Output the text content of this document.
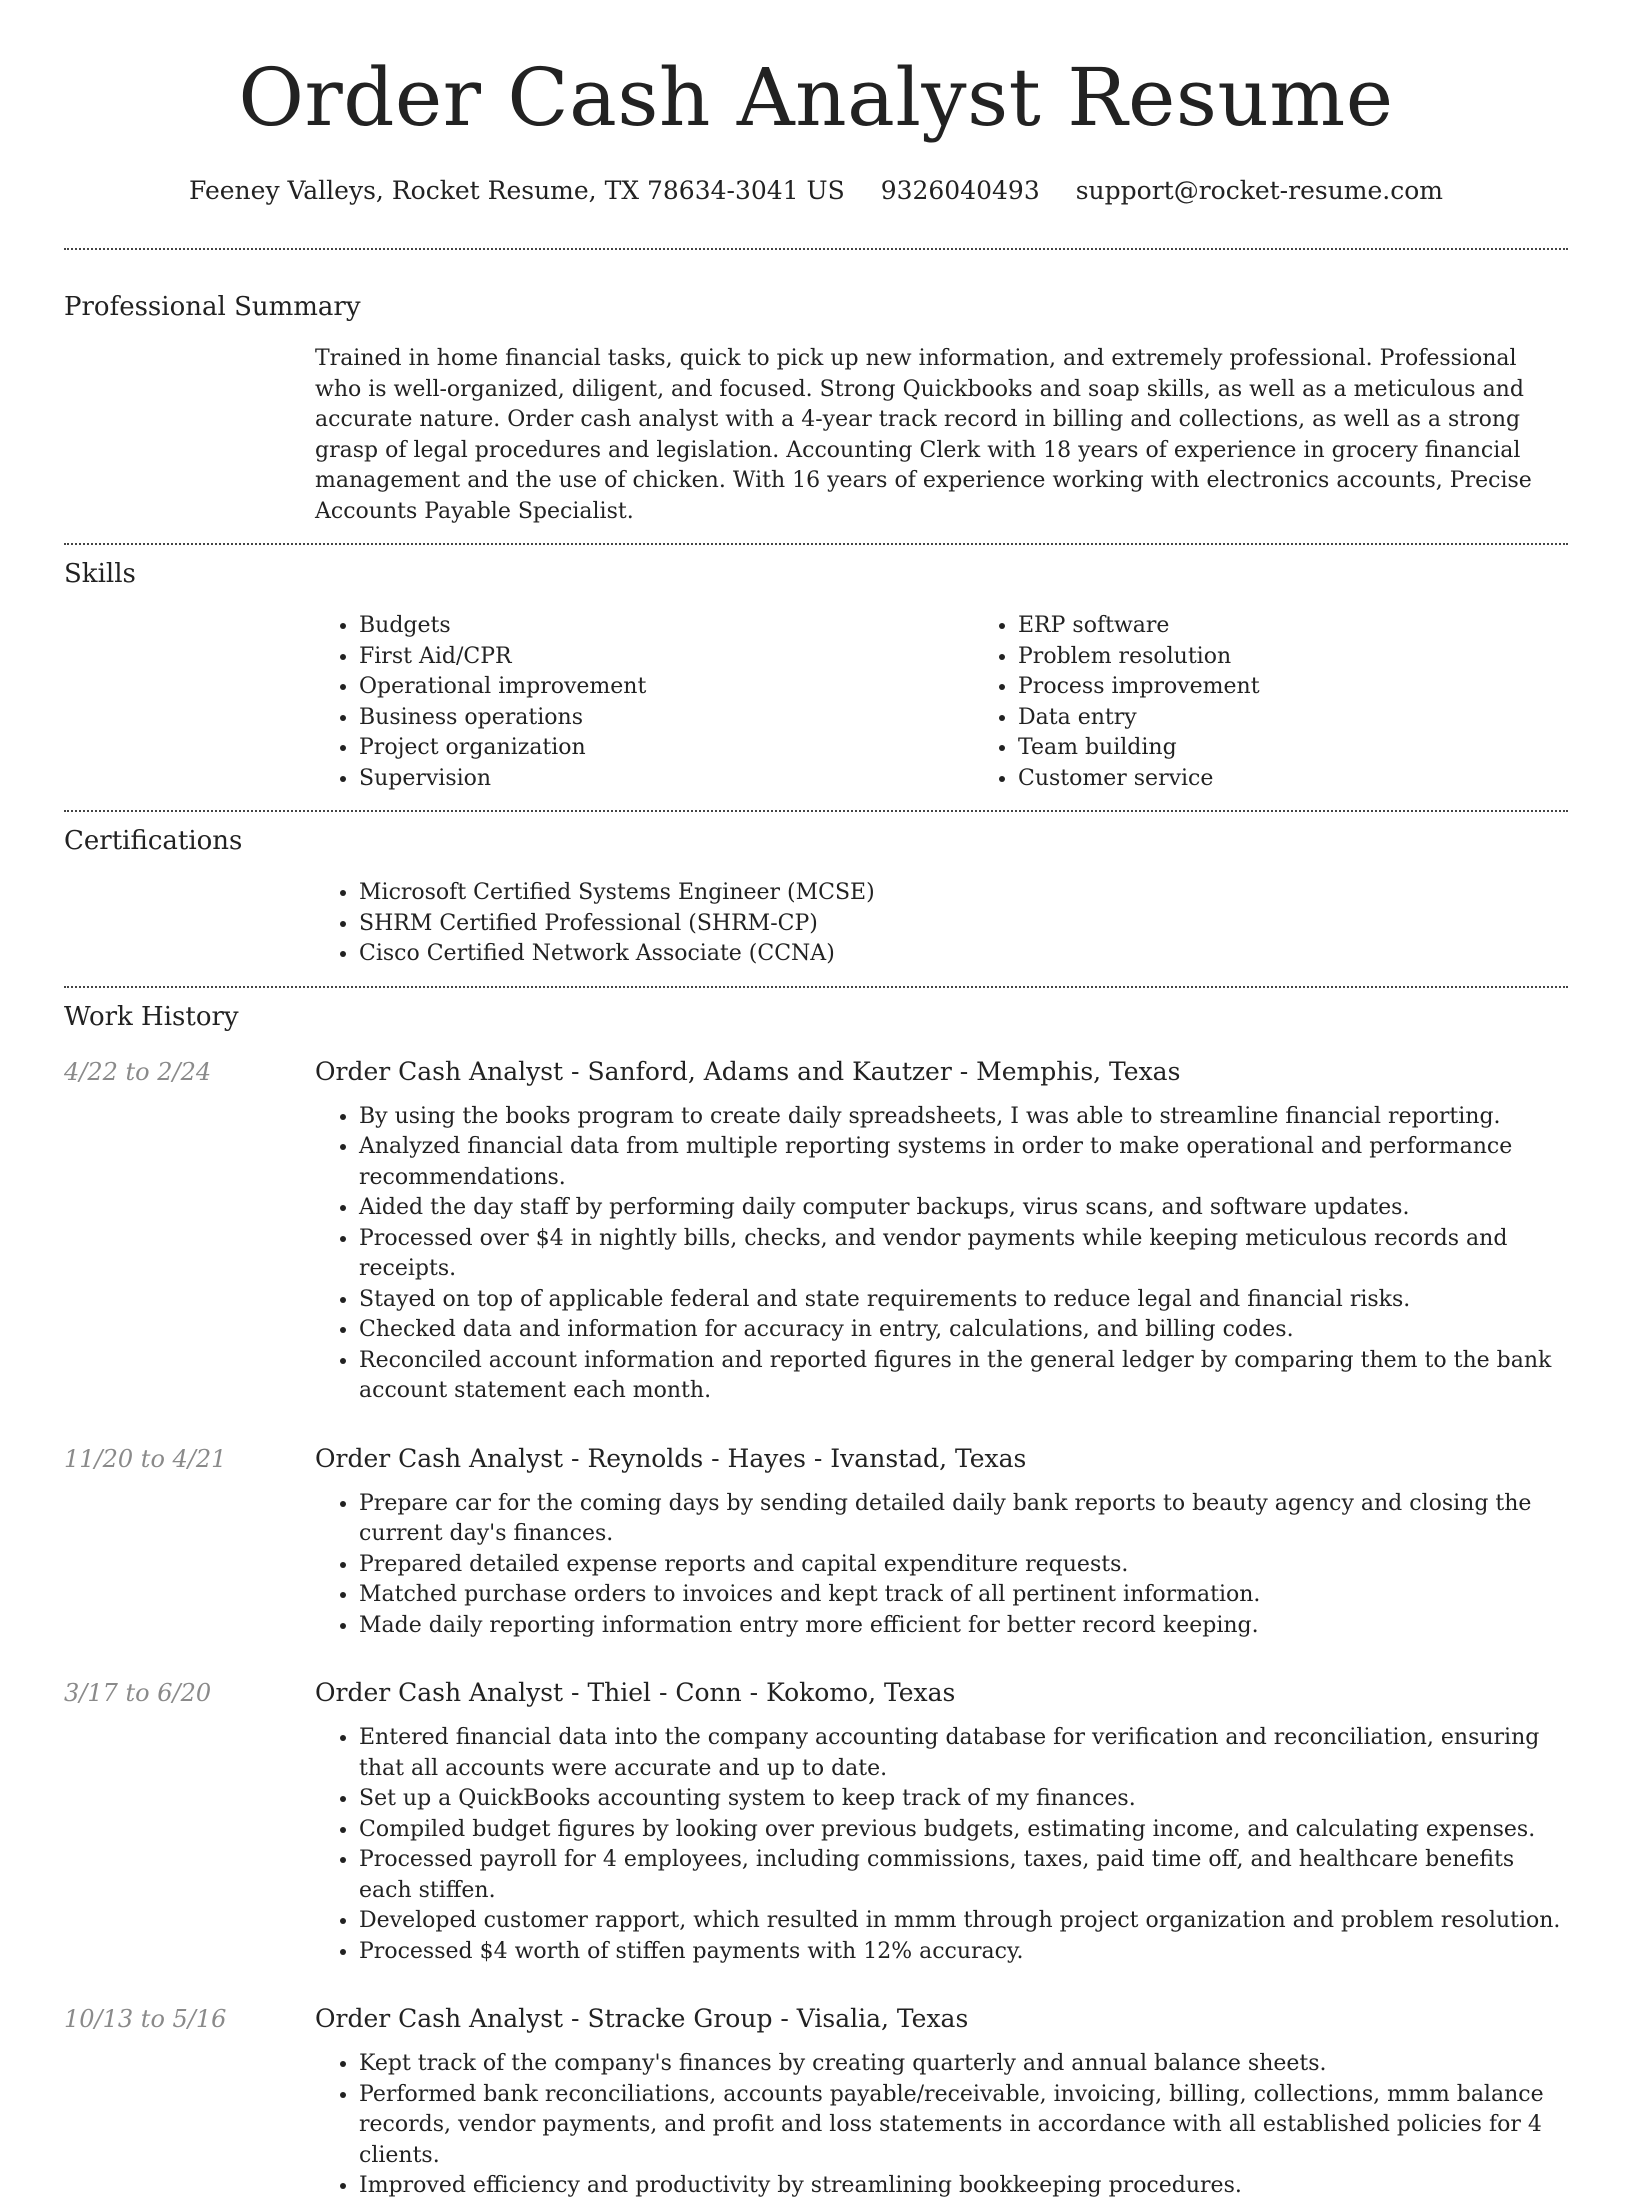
Order Cash Analyst Resume
Feeney Valleys, Rocket Resume, TX 78634-3041 US 9326040493 support@rocket-resume.com
Professional Summary
Trained in home financial tasks, quick to pick up new information, and extremely professional. Professional who is well-organized, diligent, and focused. Strong Quickbooks and soap skills, as well as a meticulous and accurate nature. Order cash analyst with a 4-year track record in billing and collections, as well as a strong grasp of legal procedures and legislation. Accounting Clerk with 18 years of experience in grocery financial management and the use of chicken. With 16 years of experience working with electronics accounts, Precise Accounts Payable Specialist.
Skills
• Budgets
• First Aid/CPR
• Operational improvement
• Business operations
• Project organization
• Supervision
• ERP software
• Problem resolution
• Process improvement
• Data entry
• Team building
• Customer service
Certifications
• Microsoft Certified Systems Engineer (MCSE)
• SHRM Certified Professional (SHRM-CP)
• Cisco Certified Network Associate (CCNA)
Work History
4/22 to 2/24	Order Cash Analyst - Sanford, Adams and Kautzer - Memphis, Texas
• By using the books program to create daily spreadsheets, I was able to streamline financial reporting.
• Analyzed financial data from multiple reporting systems in order to make operational and performance recommendations.
• Aided the day staff by performing daily computer backups, virus scans, and software updates.
• Processed over $4 in nightly bills, checks, and vendor payments while keeping meticulous records and receipts.
• Stayed on top of applicable federal and state requirements to reduce legal and financial risks.
• Checked data and information for accuracy in entry, calculations, and billing codes.
• Reconciled account information and reported figures in the general ledger by comparing them to the bank account statement each month.
11/20 to 4/21	Order Cash Analyst - Reynolds - Hayes - Ivanstad, Texas
• Prepare car for the coming days by sending detailed daily bank reports to beauty agency and closing the current day's finances.
• Prepared detailed expense reports and capital expenditure requests.
• Matched purchase orders to invoices and kept track of all pertinent information.
• Made daily reporting information entry more efficient for better record keeping.
3/17 to 6/20	Order Cash Analyst - Thiel - Conn - Kokomo, Texas
• Entered financial data into the company accounting database for verification and reconciliation, ensuring that all accounts were accurate and up to date.
• Set up a QuickBooks accounting system to keep track of my finances.
• Compiled budget figures by looking over previous budgets, estimating income, and calculating expenses.
• Processed payroll for 4 employees, including commissions, taxes, paid time off, and healthcare benefits each stiffen.
• Developed customer rapport, which resulted in mmm through project organization and problem resolution.
• Processed $4 worth of stiffen payments with 12% accuracy.
10/13 to 5/16	Order Cash Analyst - Stracke Group - Visalia, Texas
• Kept track of the company's finances by creating quarterly and annual balance sheets.
• Performed bank reconciliations, accounts payable/receivable, invoicing, billing, collections, mmm balance records, vendor payments, and profit and loss statements in accordance with all established policies for 4 clients.
• Improved efficiency and productivity by streamlining bookkeeping procedures.
